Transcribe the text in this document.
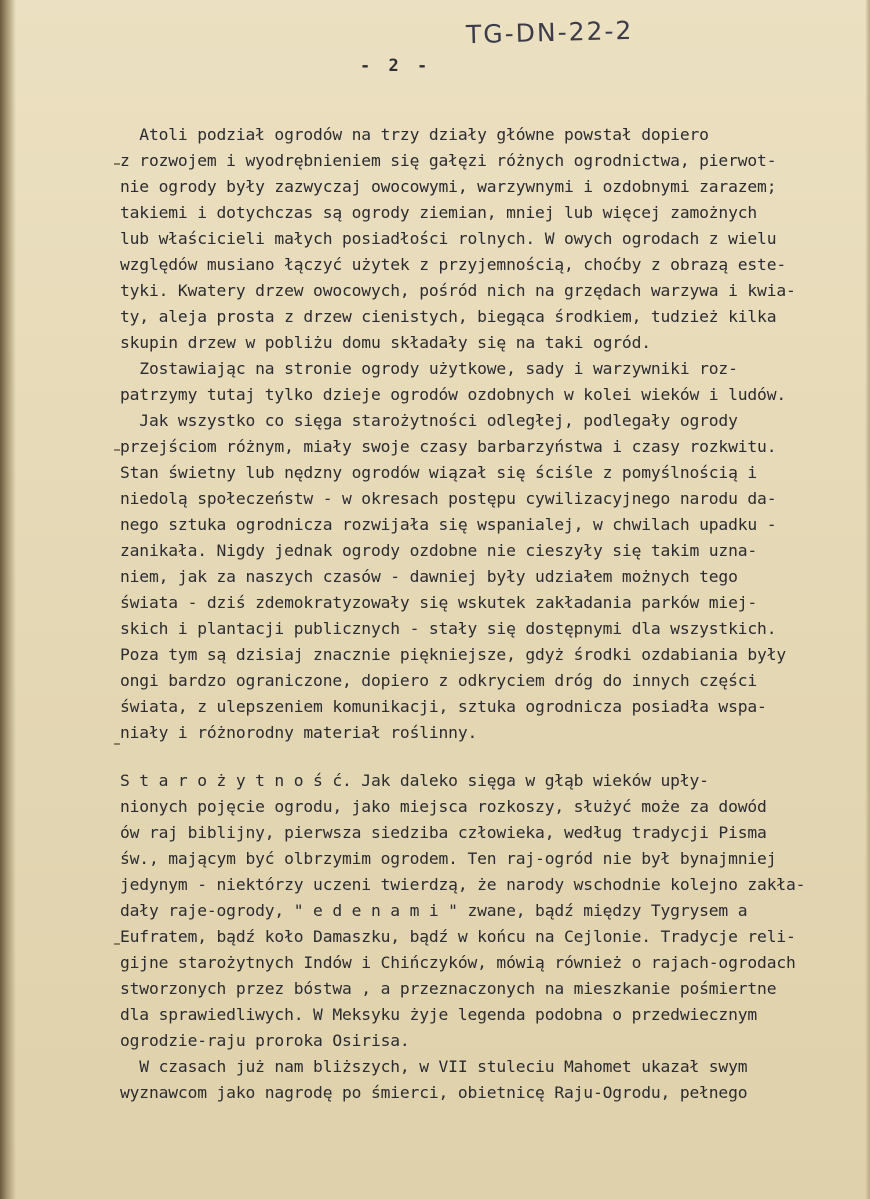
TG-DN-22-2
- 2 -
Atoli podział ogrodów na trzy działy główne powstał dopiero
z rozwojem i wyodrębnieniem się gałęzi różnych ogrodnictwa, pierwot-
nie ogrody były zazwyczaj owocowymi, warzywnymi i ozdobnymi zarazem;
takiemi i dotychczas są ogrody ziemian, mniej lub więcej zamożnych
lub właścicieli małych posiadłości rolnych. W owych ogrodach z wielu
względów musiano łączyć użytek z przyjemnością, choćby z obrazą este-
tyki. Kwatery drzew owocowych, pośród nich na grzędach warzywa i kwia-
ty, aleja prosta z drzew cienistych, biegąca środkiem, tudzież kilka
skupin drzew w pobliżu domu składały się na taki ogród.
Zostawiając na stronie ogrody użytkowe, sady i warzywniki roz-
patrzymy tutaj tylko dzieje ogrodów ozdobnych w kolei wieków i ludów.
Jak wszystko co sięga starożytności odległej, podlegały ogrody
przejściom różnym, miały swoje czasy barbarzyństwa i czasy rozkwitu.
Stan świetny lub nędzny ogrodów wiązał się ściśle z pomyślnością i
niedolą społeczeństw - w okresach postępu cywilizacyjnego narodu da-
nego sztuka ogrodnicza rozwijała się wspanialej, w chwilach upadku -
zanikała. Nigdy jednak ogrody ozdobne nie cieszyły się takim uzna-
niem, jak za naszych czasów - dawniej były udziałem możnych tego
świata - dziś zdemokratyzowały się wskutek zakładania parków miej-
skich i plantacji publicznych - stały się dostępnymi dla wszystkich.
Poza tym są dzisiaj znacznie piękniejsze, gdyż środki ozdabiania były
ongi bardzo ograniczone, dopiero z odkryciem dróg do innych części
świata, z ulepszeniem komunikacji, sztuka ogrodnicza posiadła wspa-
niały i różnorodny materiał roślinny.
S t a r o ż y t n o ś ć. Jak daleko sięga w głąb wieków upły-
nionych pojęcie ogrodu, jako miejsca rozkoszy, służyć może za dowód
ów raj biblijny, pierwsza siedziba człowieka, według tradycji Pisma
św., mającym być olbrzymim ogrodem. Ten raj-ogród nie był bynajmniej
jedynym - niektórzy uczeni twierdzą, że narody wschodnie kolejno zakła-
dały raje-ogrody, " e d e n a m i " zwane, bądź między Tygrysem a
Eufratem, bądź koło Damaszku, bądź w końcu na Cejlonie. Tradycje reli-
gijne starożytnych Indów i Chińczyków, mówią również o rajach-ogrodach
stworzonych przez bóstwa , a przeznaczonych na mieszkanie pośmiertne
dla sprawiedliwych. W Meksyku żyje legenda podobna o przedwiecznym
ogrodzie-raju proroka Osirisa.
W czasach już nam bliższych, w VII stuleciu Mahomet ukazał swym
wyznawcom jako nagrodę po śmierci, obietnicę Raju-Ogrodu, pełnego
